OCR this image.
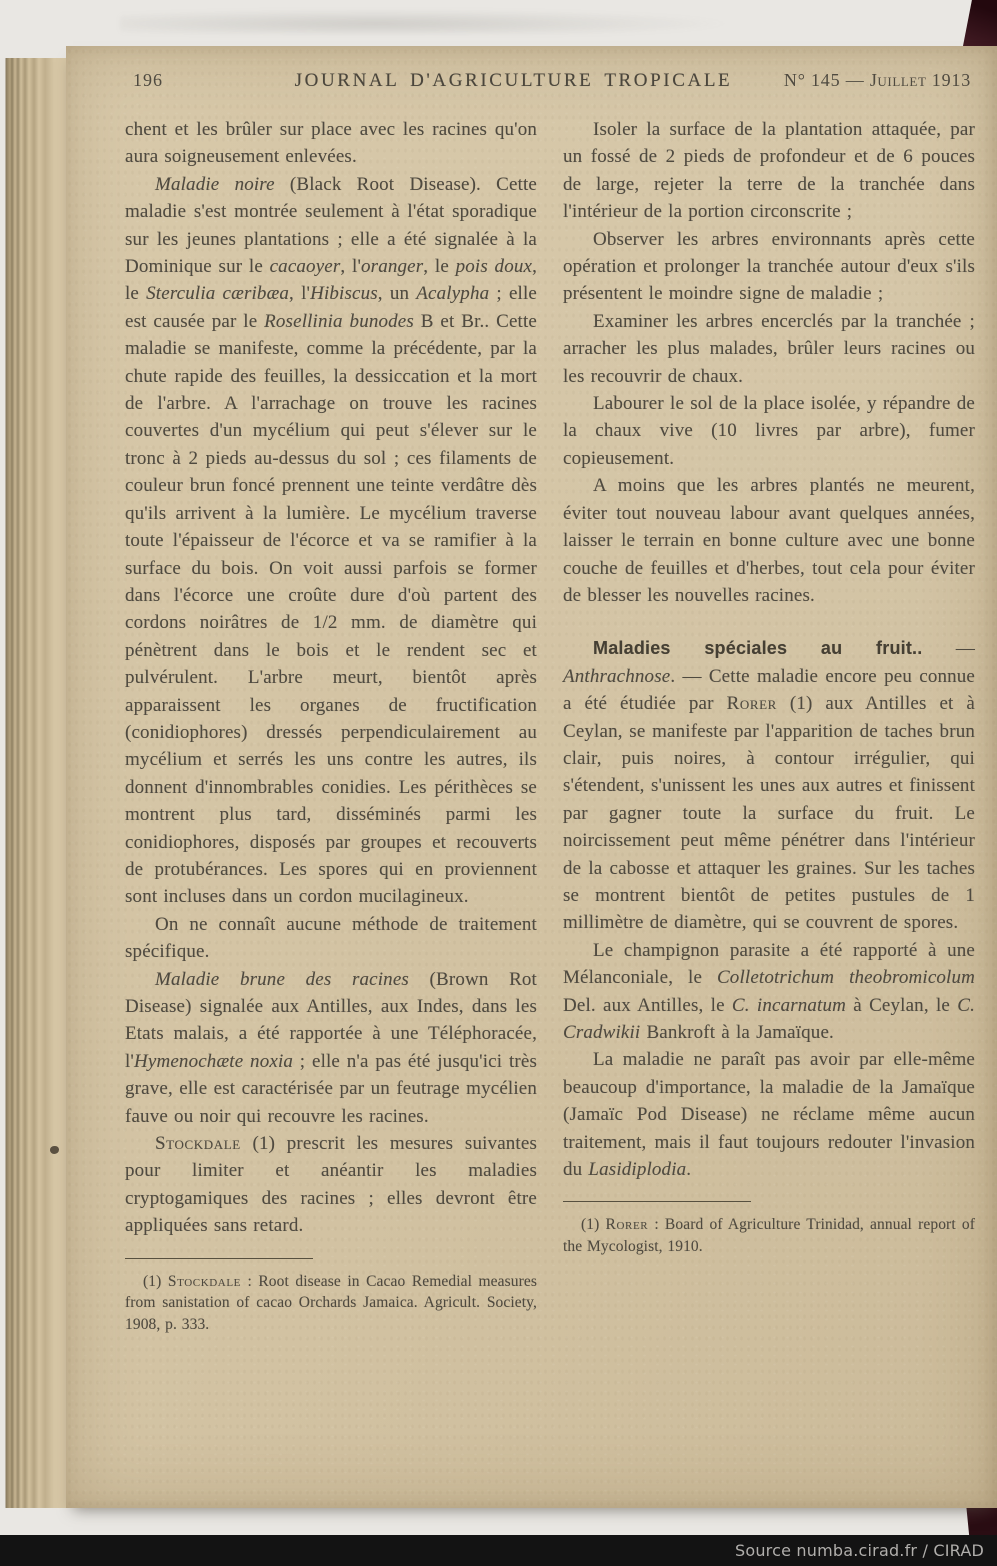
196	JOURNAL D'AGRICULTURE TROPICALE	N° 145 — Juillet 1913

chent et les brûler sur place avec les racines qu'on aura soigneusement enlevées.

Maladie noire (Black Root Disease). Cette maladie s'est montrée seulement à l'état sporadique sur les jeunes plantations ; elle a été signalée à la Dominique sur le cacaoyer, l'oranger, le pois doux, le Sterculia cæribæa, l'Hibiscus, un Acalypha ; elle est causée par le Rosellinia bunodes B et Br.. Cette maladie se manifeste, comme la précédente, par la chute rapide des feuilles, la dessiccation et la mort de l'arbre. A l'arrachage on trouve les racines couvertes d'un mycélium qui peut s'élever sur le tronc à 2 pieds au-dessus du sol ; ces filaments de couleur brun foncé prennent une teinte verdâtre dès qu'ils arrivent à la lumière. Le mycélium traverse toute l'épaisseur de l'écorce et va se ramifier à la surface du bois. On voit aussi parfois se former dans l'écorce une croûte dure d'où partent des cordons noirâtres de 1/2 mm. de diamètre qui pénètrent dans le bois et le rendent sec et pulvérulent. L'arbre meurt, bientôt après apparaissent les organes de fructification (conidiophores) dressés perpendiculairement au mycélium et serrés les uns contre les autres, ils donnent d'innombrables conidies. Les périthèces se montrent plus tard, disséminés parmi les conidiophores, disposés par groupes et recouverts de protubérances. Les spores qui en proviennent sont incluses dans un cordon mucilagineux.

On ne connaît aucune méthode de traitement spécifique.

Maladie brune des racines (Brown Rot Disease) signalée aux Antilles, aux Indes, dans les Etats malais, a été rapportée à une Téléphoracée, l'Hymenochæte noxia ; elle n'a pas été jusqu'ici très grave, elle est caractérisée par un feutrage mycélien fauve ou noir qui recouvre les racines.

Stockdale (1) prescrit les mesures suivantes pour limiter et anéantir les maladies cryptogamiques des racines ; elles devront être appliquées sans retard.

(1) Stockdale : Root disease in Cacao Remedial measures from sanistation of cacao Orchards Jamaica. Agricult. Society, 1908, p. 333.

Isoler la surface de la plantation attaquée, par un fossé de 2 pieds de profondeur et de 6 pouces de large, rejeter la terre de la tranchée dans l'intérieur de la portion circonscrite ;

Observer les arbres environnants après cette opération et prolonger la tranchée autour d'eux s'ils présentent le moindre signe de maladie ;

Examiner les arbres encerclés par la tranchée ; arracher les plus malades, brûler leurs racines ou les recouvrir de chaux.

Labourer le sol de la place isolée, y répandre de la chaux vive (10 livres par arbre), fumer copieusement.

A moins que les arbres plantés ne meurent, éviter tout nouveau labour avant quelques années, laisser le terrain en bonne culture avec une bonne couche de feuilles et d'herbes, tout cela pour éviter de blesser les nouvelles racines.

Maladies spéciales au fruit.. — Anthrachnose. — Cette maladie encore peu connue a été étudiée par Rorer (1) aux Antilles et à Ceylan, se manifeste par l'apparition de taches brun clair, puis noires, à contour irrégulier, qui s'étendent, s'unissent les unes aux autres et finissent par gagner toute la surface du fruit. Le noircissement peut même pénétrer dans l'intérieur de la cabosse et attaquer les graines. Sur les taches se montrent bientôt de petites pustules de 1 millimètre de diamètre, qui se couvrent de spores.

Le champignon parasite a été rapporté à une Mélanconiale, le Colletotrichum theobromicolum Del. aux Antilles, le C. incarnatum à Ceylan, le C. Cradwikii Bankroft à la Jamaïque.

La maladie ne paraît pas avoir par elle-même beaucoup d'importance, la maladie de la Jamaïque (Jamaïc Pod Disease) ne réclame même aucun traitement, mais il faut toujours redouter l'invasion du Lasidiplodia.

(1) Rorer : Board of Agriculture Trinidad, annual report of the Mycologist, 1910.

Source numba.cirad.fr / CIRAD
